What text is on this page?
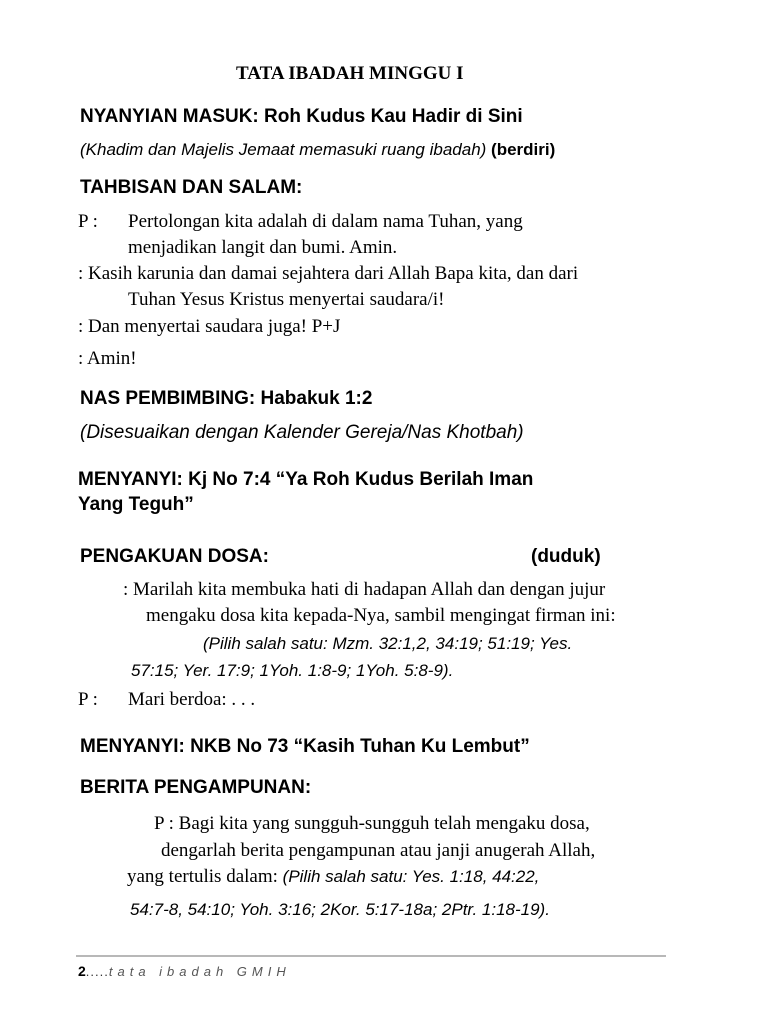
TATA IBADAH MINGGU I
NYANYIAN MASUK: Roh Kudus Kau Hadir di Sini
(Khadim dan Majelis Jemaat memasuki ruang ibadah) (berdiri)
TAHBISAN DAN SALAM:
P : Pertolongan kita adalah di dalam nama Tuhan, yang
menjadikan langit dan bumi. Amin.
: Kasih karunia dan damai sejahtera dari Allah Bapa kita, dan dari
Tuhan Yesus Kristus menyertai saudara/i!
: Dan menyertai saudara juga! P+J
: Amin!
NAS PEMBIMBING: Habakuk 1:2
(Disesuaikan dengan Kalender Gereja/Nas Khotbah)
MENYANYI: Kj No 7:4 “Ya Roh Kudus Berilah Iman
Yang Teguh”
PENGAKUAN DOSA:	(duduk)
: Marilah kita membuka hati di hadapan Allah dan dengan jujur
mengaku dosa kita kepada-Nya, sambil mengingat firman ini:
(Pilih salah satu: Mzm. 32:1,2, 34:19; 51:19; Yes.
57:15; Yer. 17:9; 1Yoh. 1:8-9; 1Yoh. 5:8-9).
P : Mari berdoa: . . .
MENYANYI: NKB No 73 “Kasih Tuhan Ku Lembut”
BERITA PENGAMPUNAN:
P : Bagi kita yang sungguh-sungguh telah mengaku dosa,
dengarlah berita pengampunan atau janji anugerah Allah,
yang tertulis dalam: (Pilih salah satu: Yes. 1:18, 44:22,
54:7-8, 54:10; Yoh. 3:16; 2Kor. 5:17-18a; 2Ptr. 1:18-19).
2.....tata ibadah GMIH
